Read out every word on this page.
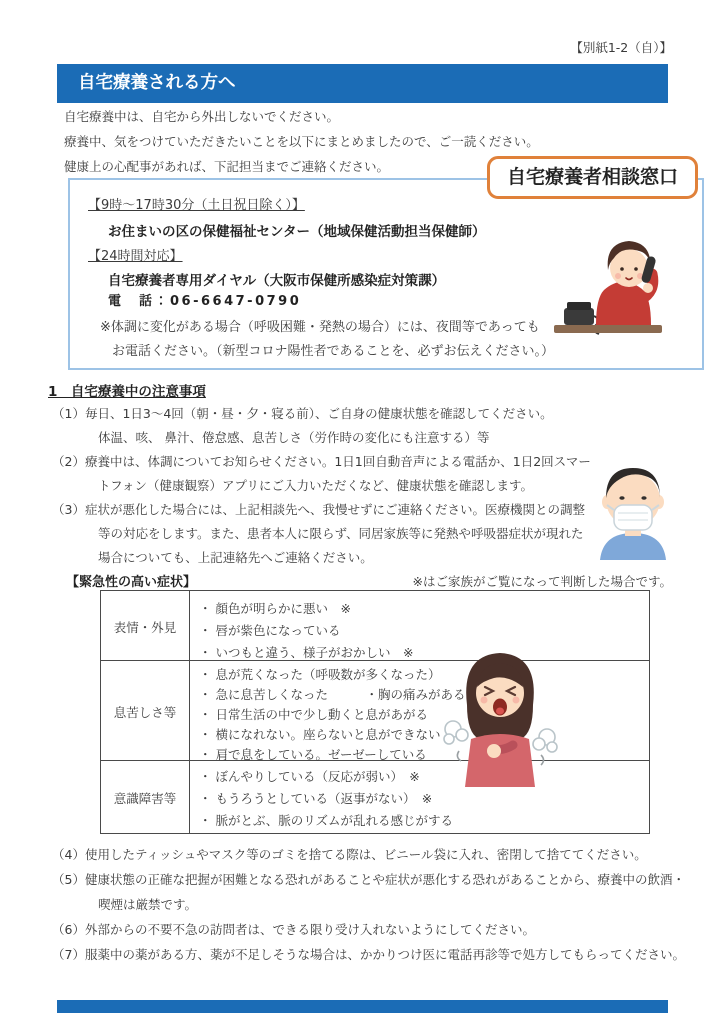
【別紙1-2（自）】
自宅療養される方へ
自宅療養中は、自宅から外出しないでください。
療養中、気をつけていただきたいことを以下にまとめましたので、ご一読ください。
健康上の心配事があれば、下記担当までご連絡ください。	自宅療養者相談窓口
【9時～17時30分（土日祝日除く）】
お住まいの区の保健福祉センター（地域保健活動担当保健師）
【24時間対応】
自宅療養者専用ダイヤル（大阪市保健所感染症対策課）
電　話：06-6647-0790
※体調に変化がある場合（呼吸困難・発熱の場合）には、夜間等であっても
お電話ください。（新型コロナ陽性者であることを、必ずお伝えください。）
1　自宅療養中の注意事項
（1）毎日、1日3～4回（朝・昼・夕・寝る前）、ご自身の健康状態を確認してください。
体温、咳、 鼻汁、倦怠感、息苦しさ（労作時の変化にも注意する）等
（2）療養中は、体調についてお知らせください。1日1回自動音声による電話か、1日2回スマー
トフォン（健康観察）アプリにご入力いただくなど、健康状態を確認します。
（3）症状が悪化した場合には、上記相談先へ、我慢せずにご連絡ください。医療機関との調整
等の対応をします。また、患者本人に限らず、同居家族等に発熱や呼吸器症状が現れた
場合についても、上記連絡先へご連絡ください。
【緊急性の高い症状】	※はご家族がご覧になって判断した場合です。
表情・外見
息苦しさ等
意識障害等
・ 顔色が明らかに悪い　※
・ 唇が紫色になっている
・ いつもと違う、様子がおかしい　※
・ 息が荒くなった（呼吸数が多くなった）
・ 急に息苦しくなった　　　・胸の痛みがある
・ 日常生活の中で少し動くと息があがる
・ 横になれない。座らないと息ができない
・ 肩で息をしている。ゼーゼーしている
・ ぼんやりしている（反応が弱い）　※
・ もうろうとしている（返事がない）　※
・ 脈がとぶ、脈のリズムが乱れる感じがする
（4）使用したティッシュやマスク等のゴミを捨てる際は、ビニール袋に入れ、密閉して捨ててください。
（5）健康状態の正確な把握が困難となる恐れがあることや症状が悪化する恐れがあることから、療養中の飲酒・
喫煙は厳禁です。
（6）外部からの不要不急の訪問者は、できる限り受け入れないようにしてください。
（7）服薬中の薬がある方、薬が不足しそうな場合は、かかりつけ医に電話再診等で処方してもらってください。
